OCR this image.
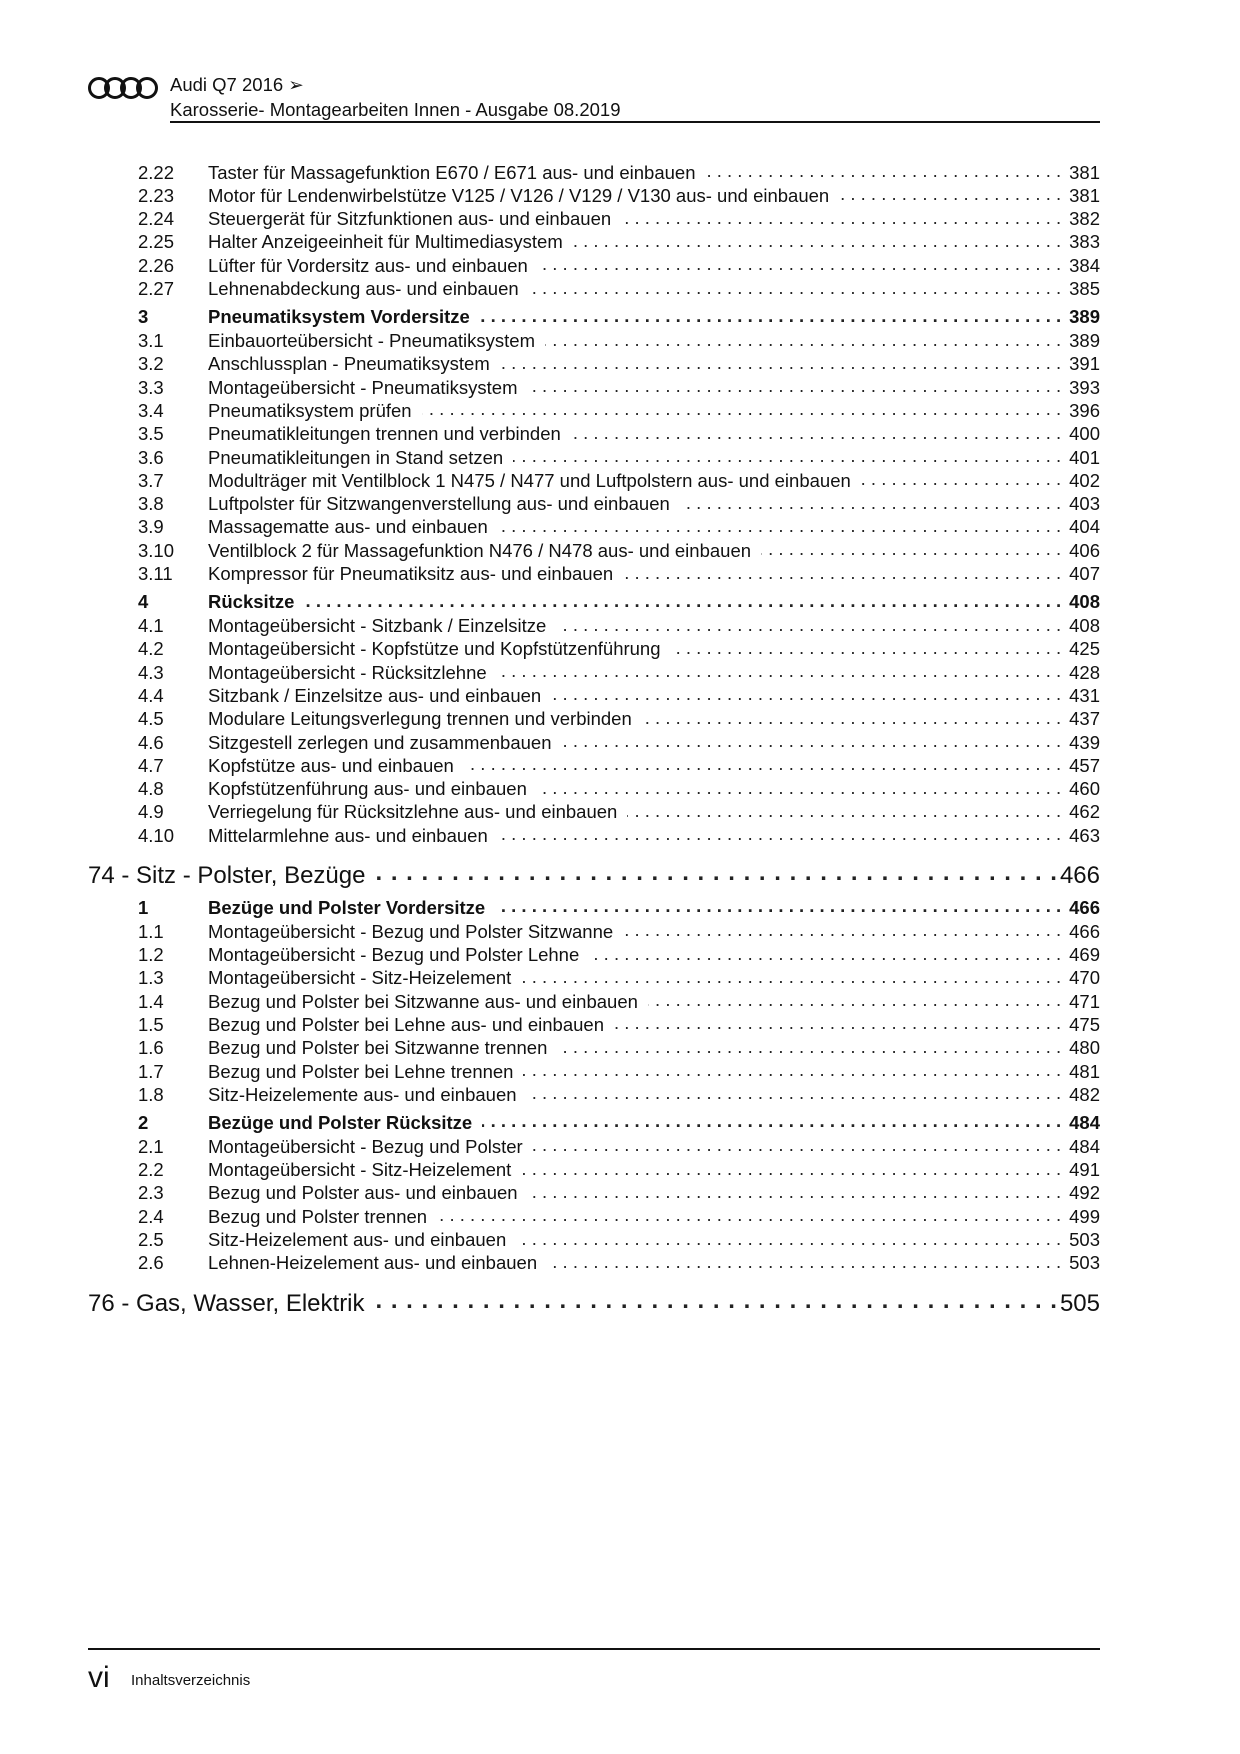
Audi Q7 2016 ➢
Karosserie- Montagearbeiten Innen - Ausgabe 08.2019
2.22	Taster für Massagefunktion E670 / E671 aus- und einbauen . . .	381
2.23	Motor für Lendenwirbelstütze V125 / V126 / V129 / V130 aus- und einbauen . . .	381
2.24	Steuergerät für Sitzfunktionen aus- und einbauen . . .	382
2.25	Halter Anzeigeeinheit für Multimediasystem . . .	383
2.26	Lüfter für Vordersitz aus- und einbauen . . .	384
2.27	Lehnenabdeckung aus- und einbauen . . .	385
3	Pneumatiksystem Vordersitze . . .	389
3.1	Einbauorteübersicht - Pneumatiksystem . . .	389
3.2	Anschlussplan - Pneumatiksystem . . .	391
3.3	Montageübersicht - Pneumatiksystem . . .	393
3.4	Pneumatiksystem prüfen . . .	396
3.5	Pneumatikleitungen trennen und verbinden . . .	400
3.6	Pneumatikleitungen in Stand setzen . . .	401
3.7	Modulträger mit Ventilblock 1 N475 / N477 und Luftpolstern aus- und einbauen . . .	402
3.8	Luftpolster für Sitzwangenverstellung aus- und einbauen . . .	403
3.9	Massagematte aus- und einbauen . . .	404
3.10	Ventilblock 2 für Massagefunktion N476 / N478 aus- und einbauen . . .	406
3.11	Kompressor für Pneumatiksitz aus- und einbauen . . .	407
4	Rücksitze . . .	408
4.1	Montageübersicht - Sitzbank / Einzelsitze . . .	408
4.2	Montageübersicht - Kopfstütze und Kopfstützenführung . . .	425
4.3	Montageübersicht - Rücksitzlehne . . .	428
4.4	Sitzbank / Einzelsitze aus- und einbauen . . .	431
4.5	Modulare Leitungsverlegung trennen und verbinden . . .	437
4.6	Sitzgestell zerlegen und zusammenbauen . . .	439
4.7	Kopfstütze aus- und einbauen . . .	457
4.8	Kopfstützenführung aus- und einbauen . . .	460
4.9	Verriegelung für Rücksitzlehne aus- und einbauen . . .	462
4.10	Mittelarmlehne aus- und einbauen . . .	463
74 - Sitz - Polster, Bezüge . . .	466
1	Bezüge und Polster Vordersitze . . .	466
1.1	Montageübersicht - Bezug und Polster Sitzwanne . . .	466
1.2	Montageübersicht - Bezug und Polster Lehne . . .	469
1.3	Montageübersicht - Sitz-Heizelement . . .	470
1.4	Bezug und Polster bei Sitzwanne aus- und einbauen . . .	471
1.5	Bezug und Polster bei Lehne aus- und einbauen . . .	475
1.6	Bezug und Polster bei Sitzwanne trennen . . .	480
1.7	Bezug und Polster bei Lehne trennen . . .	481
1.8	Sitz-Heizelemente aus- und einbauen . . .	482
2	Bezüge und Polster Rücksitze . . .	484
2.1	Montageübersicht - Bezug und Polster . . .	484
2.2	Montageübersicht - Sitz-Heizelement . . .	491
2.3	Bezug und Polster aus- und einbauen . . .	492
2.4	Bezug und Polster trennen . . .	499
2.5	Sitz-Heizelement aus- und einbauen . . .	503
2.6	Lehnen-Heizelement aus- und einbauen . . .	503
76 - Gas, Wasser, Elektrik . . .	505
vi Inhaltsverzeichnis
